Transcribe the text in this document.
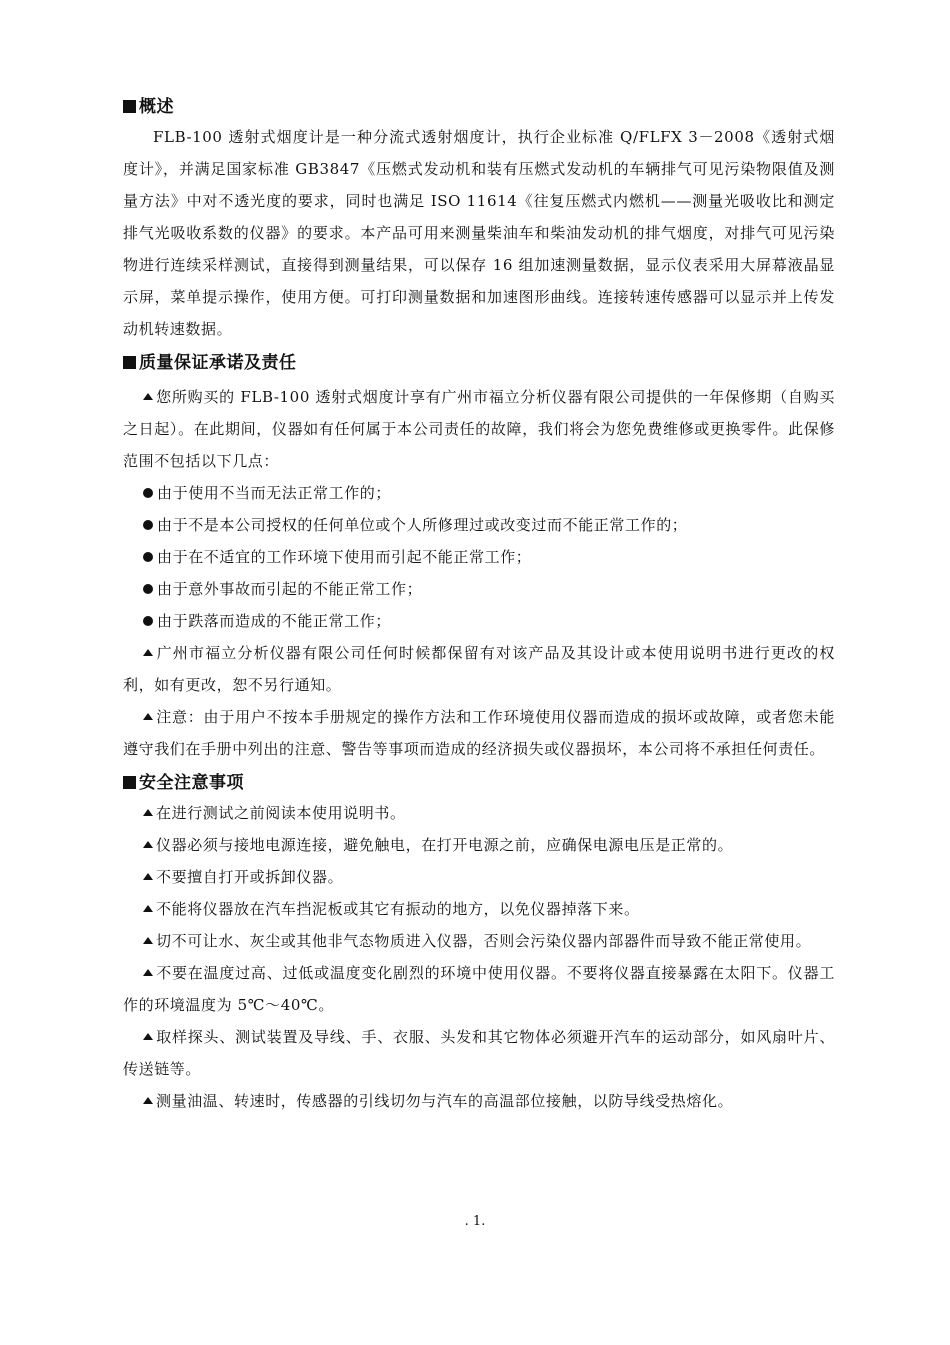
概述

FLB-100 透射式烟度计是一种分流式透射烟度计，执行企业标准 Q/FLFX 3－2008《透射式烟度计》，并满足国家标准 GB3847《压燃式发动机和装有压燃式发动机的车辆排气可见污染物限值及测量方法》中对不透光度的要求，同时也满足 ISO 11614《往复压燃式内燃机——测量光吸收比和测定排气光吸收系数的仪器》的要求。本产品可用来测量柴油车和柴油发动机的排气烟度，对排气可见污染物进行连续采样测试，直接得到测量结果，可以保存 16 组加速测量数据，显示仪表采用大屏幕液晶显示屏，菜单提示操作，使用方便。可打印测量数据和加速图形曲线。连接转速传感器可以显示并上传发动机转速数据。

质量保证承诺及责任

您所购买的 FLB-100 透射式烟度计享有广州市福立分析仪器有限公司提供的一年保修期（自购买之日起）。在此期间，仪器如有任何属于本公司责任的故障，我们将会为您免费维修或更换零件。此保修范围不包括以下几点：

由于使用不当而无法正常工作的；

由于不是本公司授权的任何单位或个人所修理过或改变过而不能正常工作的；

由于在不适宜的工作环境下使用而引起不能正常工作；

由于意外事故而引起的不能正常工作；

由于跌落而造成的不能正常工作；

广州市福立分析仪器有限公司任何时候都保留有对该产品及其设计或本使用说明书进行更改的权利，如有更改，恕不另行通知。

注意：由于用户不按本手册规定的操作方法和工作环境使用仪器而造成的损坏或故障，或者您未能遵守我们在手册中列出的注意、警告等事项而造成的经济损失或仪器损坏，本公司将不承担任何责任。

安全注意事项

在进行测试之前阅读本使用说明书。

仪器必须与接地电源连接，避免触电，在打开电源之前，应确保电源电压是正常的。

不要擅自打开或拆卸仪器。

不能将仪器放在汽车挡泥板或其它有振动的地方，以免仪器掉落下来。

切不可让水、灰尘或其他非气态物质进入仪器，否则会污染仪器内部器件而导致不能正常使用。

不要在温度过高、过低或温度变化剧烈的环境中使用仪器。不要将仪器直接暴露在太阳下。仪器工作的环境温度为 5℃～40℃。

取样探头、测试装置及导线、手、衣服、头发和其它物体必须避开汽车的运动部分，如风扇叶片、传送链等。

测量油温、转速时，传感器的引线切勿与汽车的高温部位接触，以防导线受热熔化。

. 1.
